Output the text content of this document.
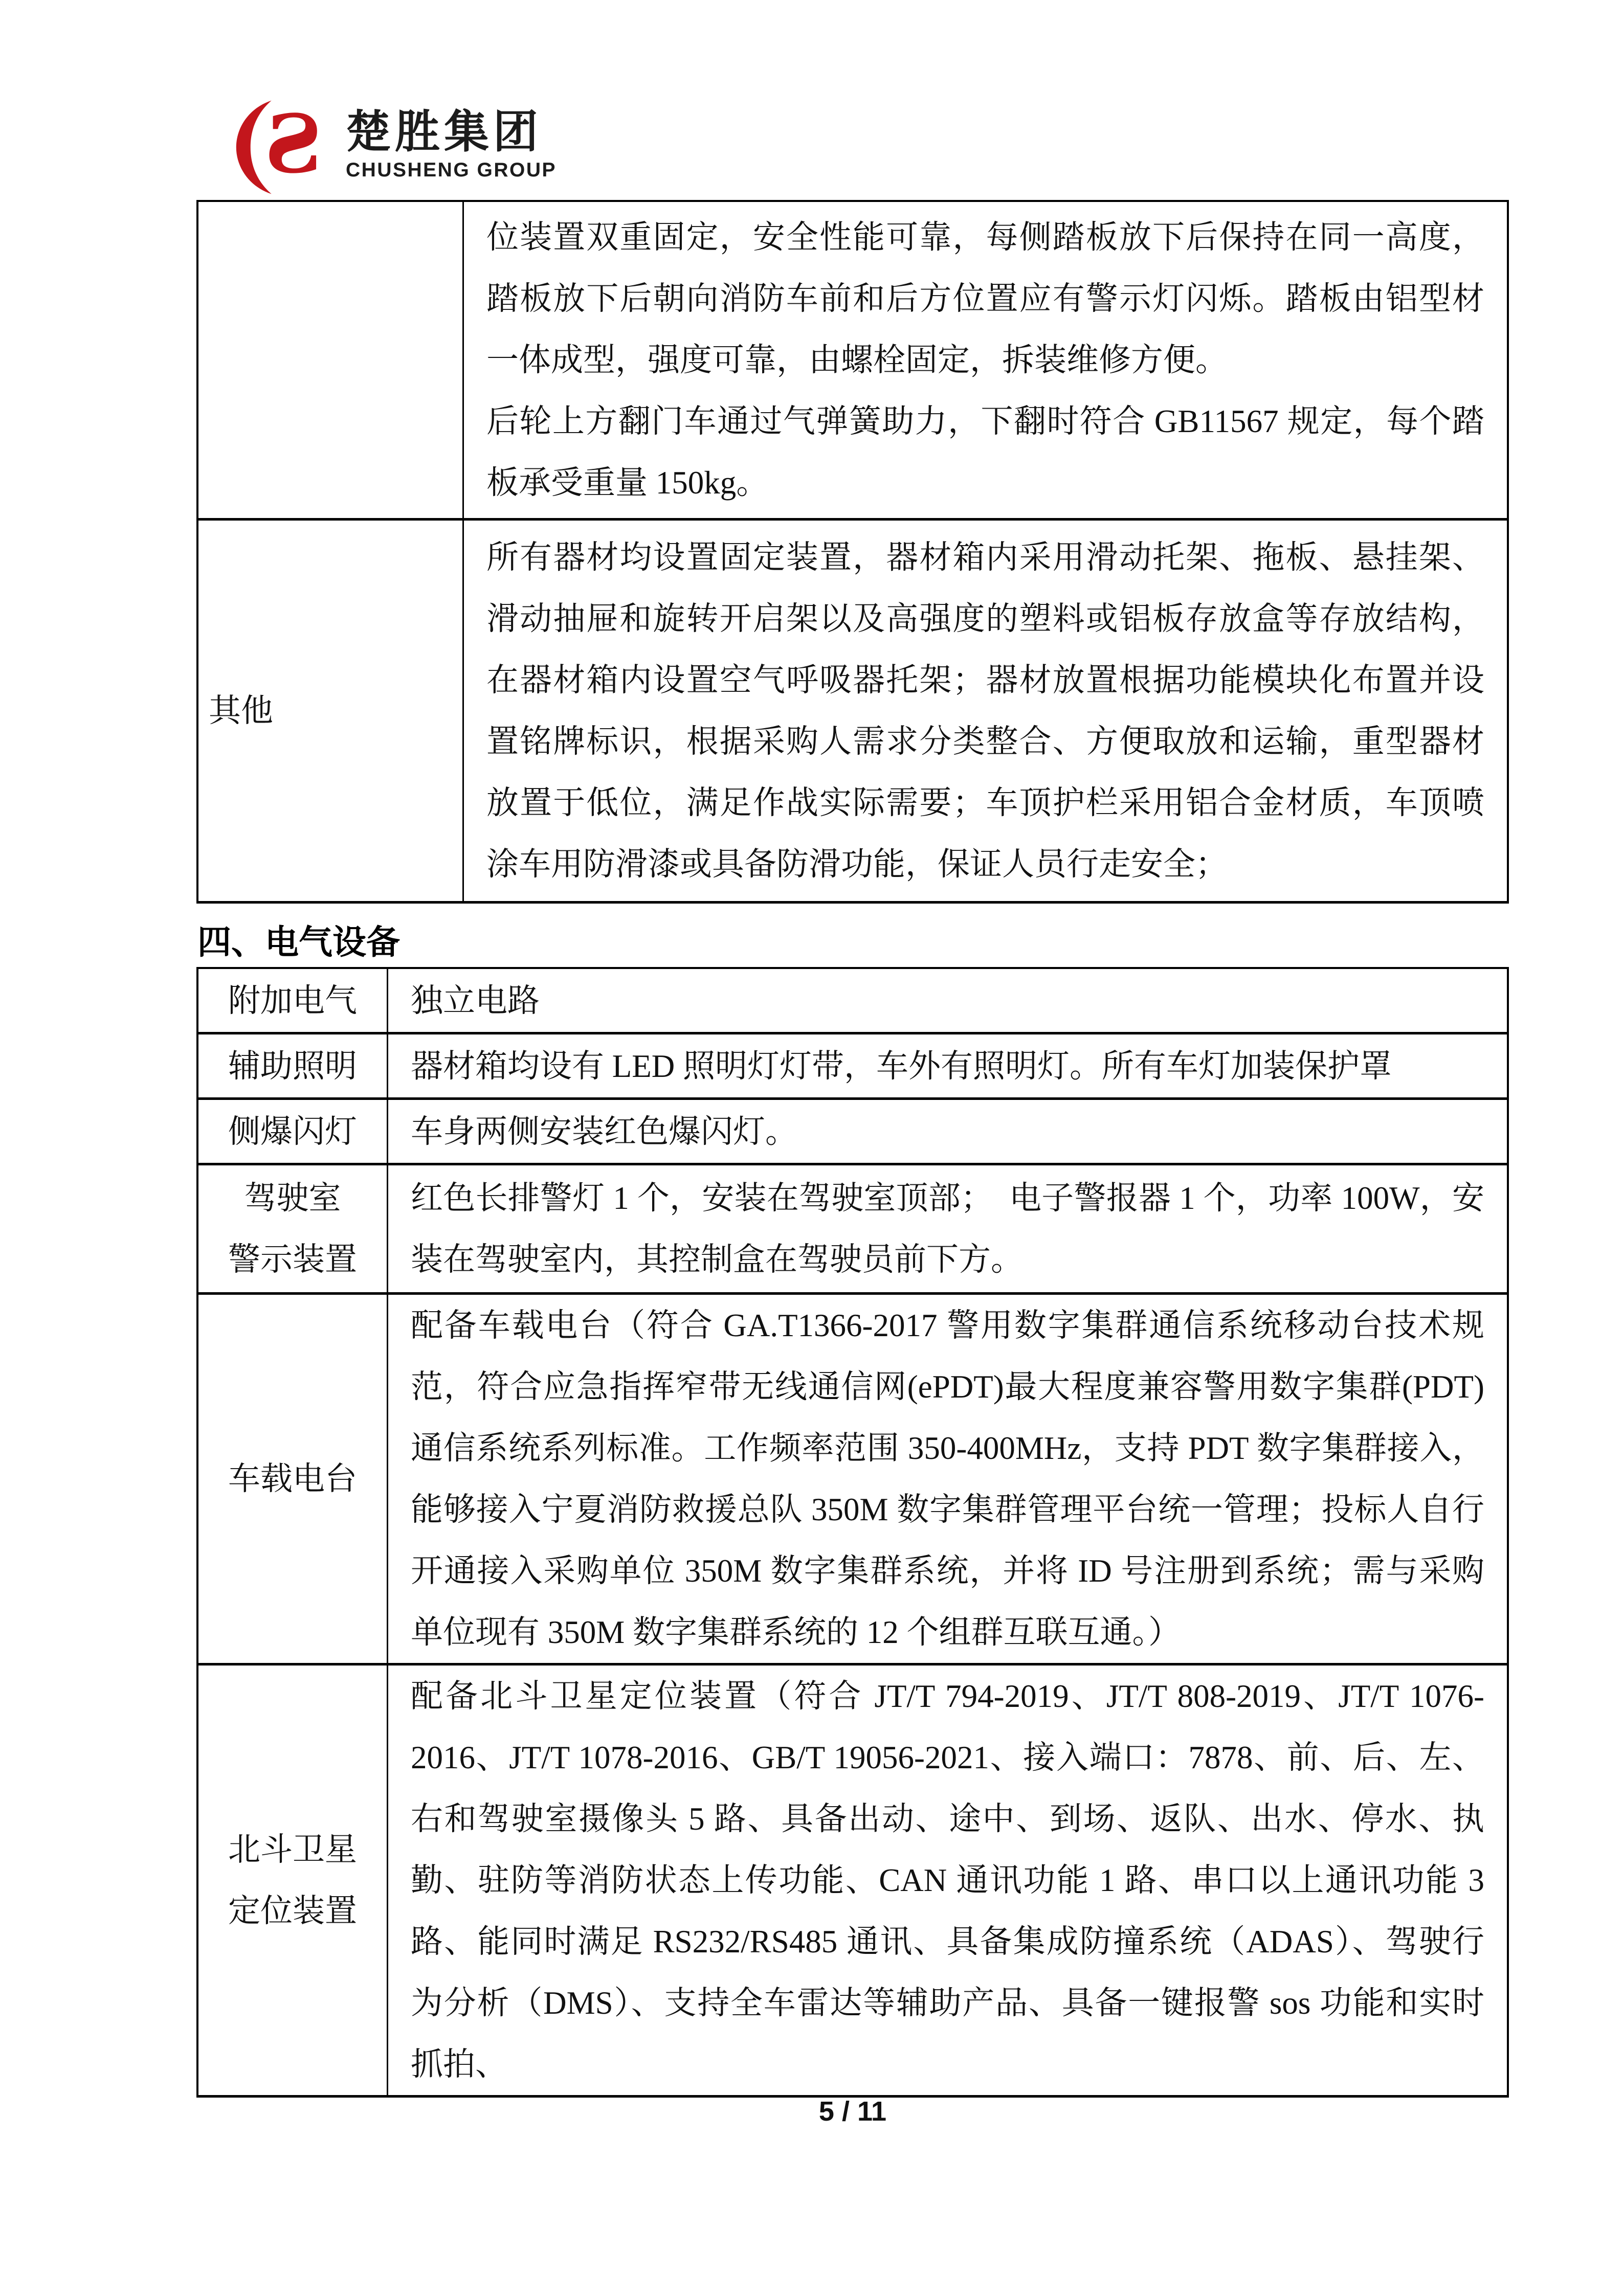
S 楚胜集团
CHUSHENG GROUP

位装置双重固定，安全性能可靠，每侧踏板放下后保持在同一高度，踏板放下后朝向消防车前和后方位置应有警示灯闪烁。踏板由铝型材一体成型，强度可靠，由螺栓固定，拆装维修方便。

后轮上方翻门车通过气弹簧助力，下翻时符合 GB11567 规定，每个踏板承受重量 150kg。

其他

所有器材均设置固定装置，器材箱内采用滑动托架、拖板、悬挂架、滑动抽屉和旋转开启架以及高强度的塑料或铝板存放盒等存放结构，在器材箱内设置空气呼吸器托架；器材放置根据功能模块化布置并设置铭牌标识，根据采购人需求分类整合、方便取放和运输，重型器材放置于低位，满足作战实际需要；车顶护栏采用铝合金材质，车顶喷涂车用防滑漆或具备防滑功能，保证人员行走安全；

四、电气设备
附加电气 独立电路

辅助照明 器材箱均设有 LED 照明灯灯带，车外有照明灯。所有车灯加装保护罩

侧爆闪灯 车身两侧安装红色爆闪灯。

驾驶室
警示装置

红色长排警灯 1 个，安装在驾驶室顶部；　电子警报器 1 个，功率 100W，安装在驾驶室内，其控制盒在驾驶员前下方。

车载电台

配备车载电台（符合 GA.T1366-2017 警用数字集群通信系统移动台技术规范，符合应急指挥窄带无线通信网(ePDT)最大程度兼容警用数字集群(PDT)通信系统系列标准。工作频率范围 350-400MHz，支持 PDT 数字集群接入，能够接入宁夏消防救援总队 350M 数字集群管理平台统一管理；投标人自行开通接入采购单位 350M 数字集群系统，并将 ID 号注册到系统；需与采购单位现有 350M 数字集群系统的 12 个组群互联互通。）

北斗卫星
定位装置

配备北斗卫星定位装置（符合 JT/T 794-2019、JT/T 808-2019、JT/T 1076-2016、JT/T 1078-2016、GB/T 19056-2021、接入端口：7878、前、后、左、右和驾驶室摄像头 5 路、具备出动、途中、到场、返队、出水、停水、执勤、驻防等消防状态上传功能、CAN 通讯功能 1 路、串口以上通讯功能 3 路、能同时满足 RS232/RS485 通讯、具备集成防撞系统（ADAS）、驾驶行为分析（DMS）、支持全车雷达等辅助产品、具备一键报警 sos 功能和实时抓拍、

5 / 11
